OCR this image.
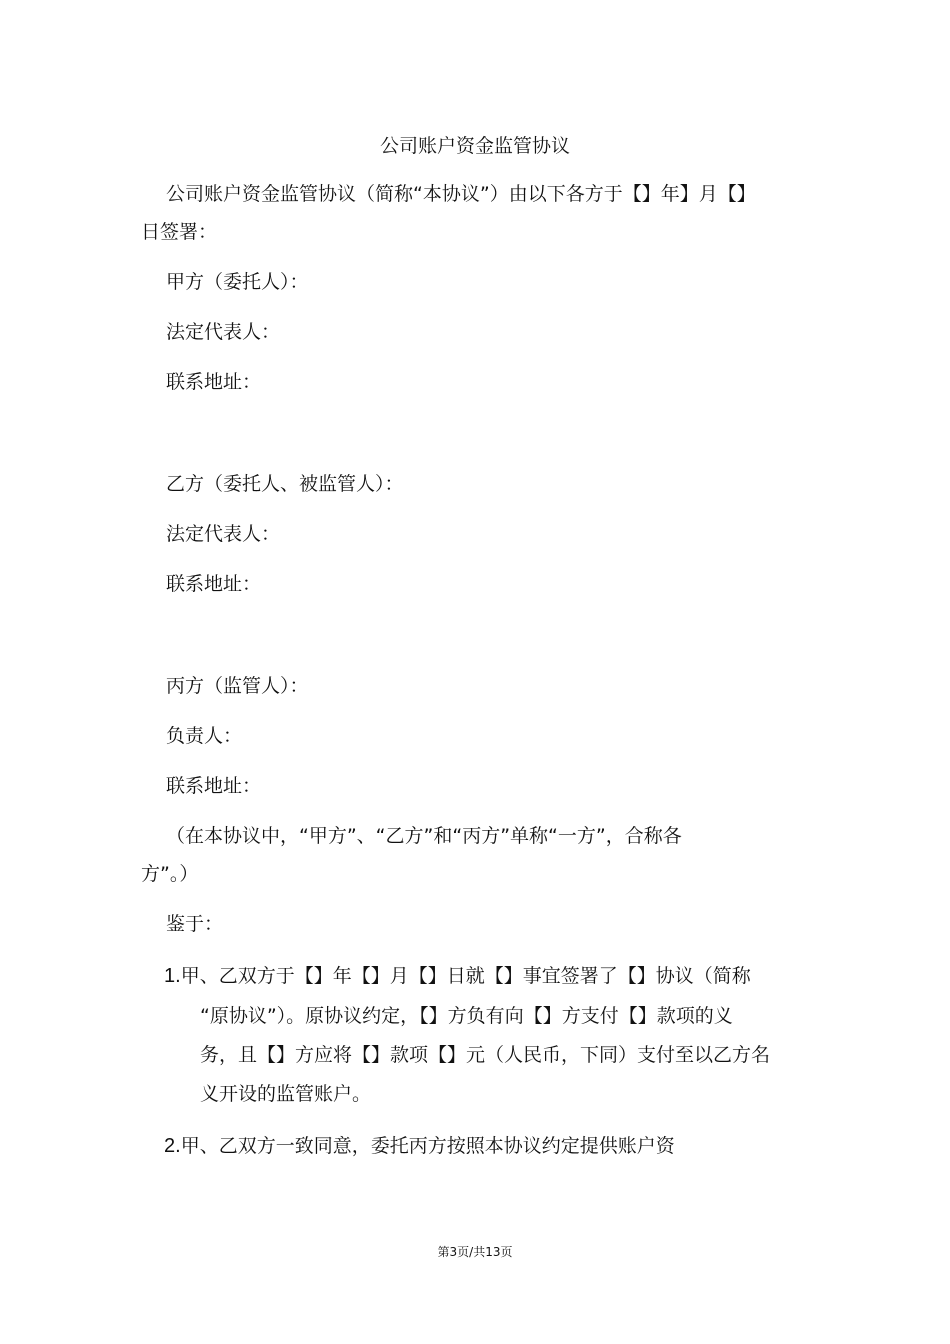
公司账户资金监管协议
公司账户资金监管协议（简称“本协议”）由以下各方于【】年】月【】
日签署：
甲方（委托人）：
法定代表人：
联系地址：
乙方（委托人、被监管人）：
法定代表人：
联系地址：
丙方（监管人）：
负责人：
联系地址：
（在本协议中，“甲方”、“乙方”和“丙方”单称“一方”，合称各
方”。）
鉴于：
1.甲、乙双方于【】年【】月【】日就【】事宜签署了【】协议（简称
“原协议”）。原协议约定，【】方负有向【】方支付【】款项的义
务，且【】方应将【】款项【】元（人民币，下同）支付至以乙方名
义开设的监管账户。
2.甲、乙双方一致同意，委托丙方按照本协议约定提供账户资
第3页/共13页
